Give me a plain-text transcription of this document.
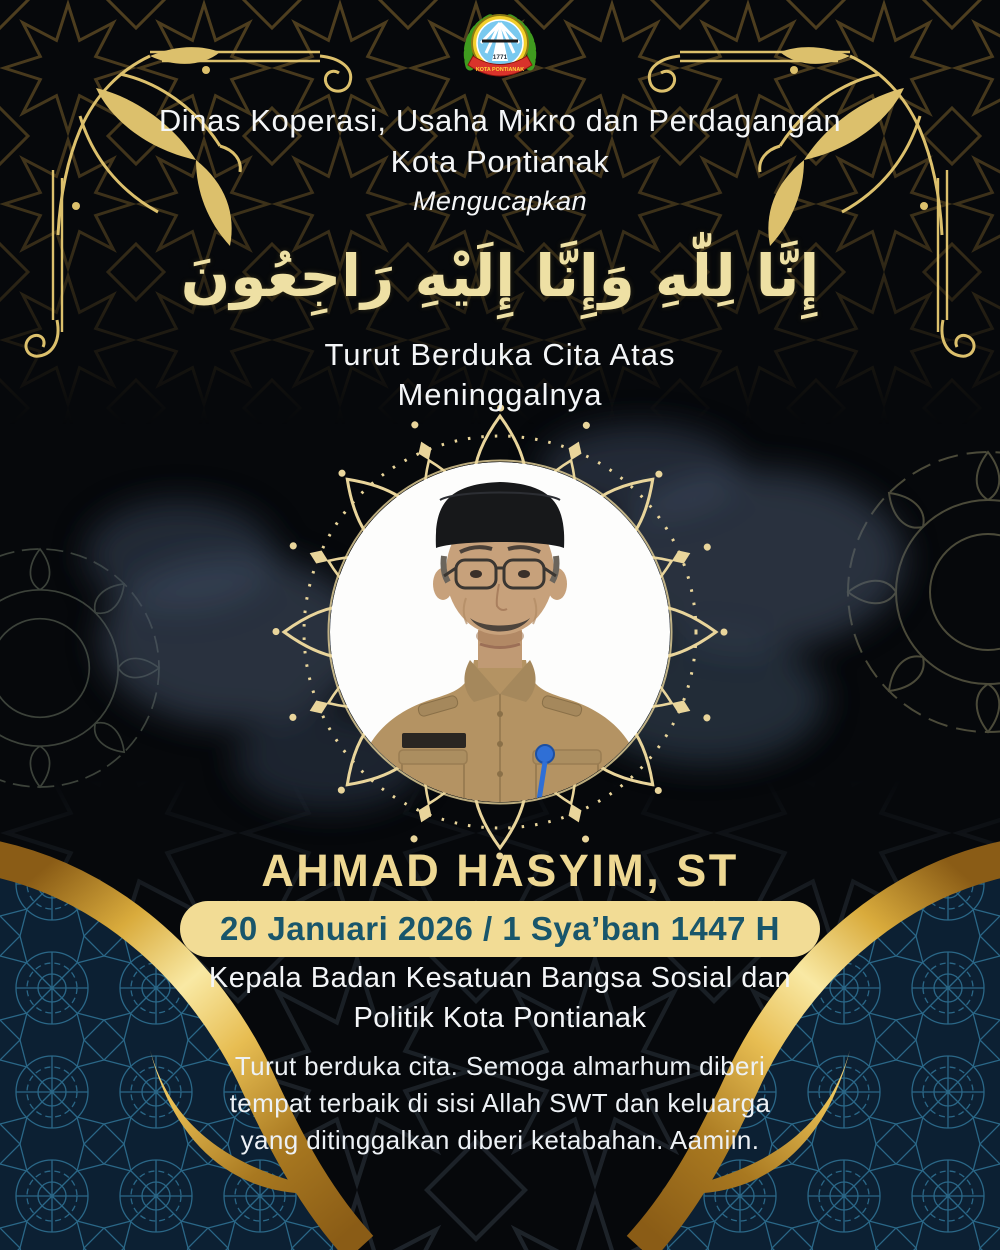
1771
KOTA PONTIANAK
Dinas Koperasi, Usaha Mikro dan Perdagangan
Kota Pontianak
Mengucapkan
إِنَّا لِلّٰهِ وَإِنَّا إِلَيْهِ رَاجِعُونَ
Turut Berduka Cita Atas
Meninggalnya
AHMAD HASYIM, ST
20 Januari 2026 / 1 Sya’ban 1447 H
Kepala Badan Kesatuan Bangsa Sosial dan
Politik Kota Pontianak
Turut berduka cita. Semoga almarhum diberi
tempat terbaik di sisi Allah SWT dan keluarga
yang ditinggalkan diberi ketabahan. Aamiin.
